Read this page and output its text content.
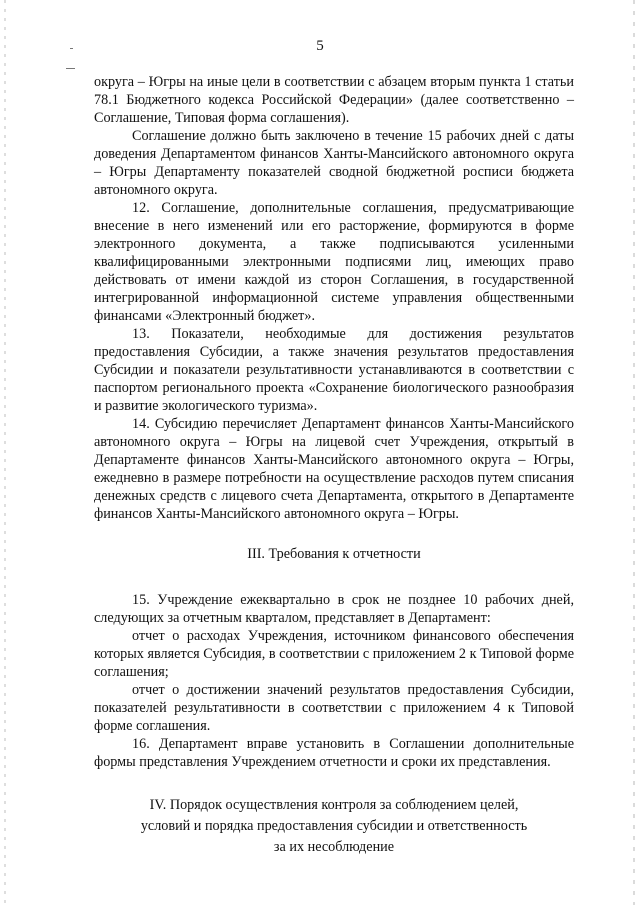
5

округа – Югры на иные цели в соответствии с абзацем вторым пункта 1 статьи 78.1 Бюджетного кодекса Российской Федерации» (далее соответственно – Соглашение, Типовая форма соглашения).

Соглашение должно быть заключено в течение 15 рабочих дней с даты доведения Департаментом финансов Ханты-Мансийского автономного округа – Югры Департаменту показателей сводной бюджетной росписи бюджета автономного округа.

12. Соглашение, дополнительные соглашения, предусматривающие внесение в него изменений или его расторжение, формируются в форме электронного документа, а также подписываются усиленными квалифицированными электронными подписями лиц, имеющих право действовать от имени каждой из сторон Соглашения, в государственной интегрированной информационной системе управления общественными финансами «Электронный бюджет».

13. Показатели, необходимые для достижения результатов предоставления Субсидии, а также значения результатов предоставления Субсидии и показатели результативности устанавливаются в соответствии с паспортом регионального проекта «Сохранение биологического разнообразия и развитие экологического туризма».

14. Субсидию перечисляет Департамент финансов Ханты-Мансийского автономного округа – Югры на лицевой счет Учреждения, открытый в Департаменте финансов Ханты-Мансийского автономного округа – Югры, ежедневно в размере потребности на осуществление расходов путем списания денежных средств с лицевого счета Департамента, открытого в Департаменте финансов Ханты-Мансийского автономного округа – Югры.

III. Требования к отчетности

15. Учреждение ежеквартально в срок не позднее 10 рабочих дней, следующих за отчетным кварталом, представляет в Департамент:

отчет о расходах Учреждения, источником финансового обеспечения которых является Субсидия, в соответствии с приложением 2 к Типовой форме соглашения;

отчет о достижении значений результатов предоставления Субсидии, показателей результативности в соответствии с приложением 4 к Типовой форме соглашения.

16. Департамент вправе установить в Соглашении дополнительные формы представления Учреждением отчетности и сроки их представления.

IV. Порядок осуществления контроля за соблюдением целей,
условий и порядка предоставления субсидии и ответственность
за их несоблюдение
